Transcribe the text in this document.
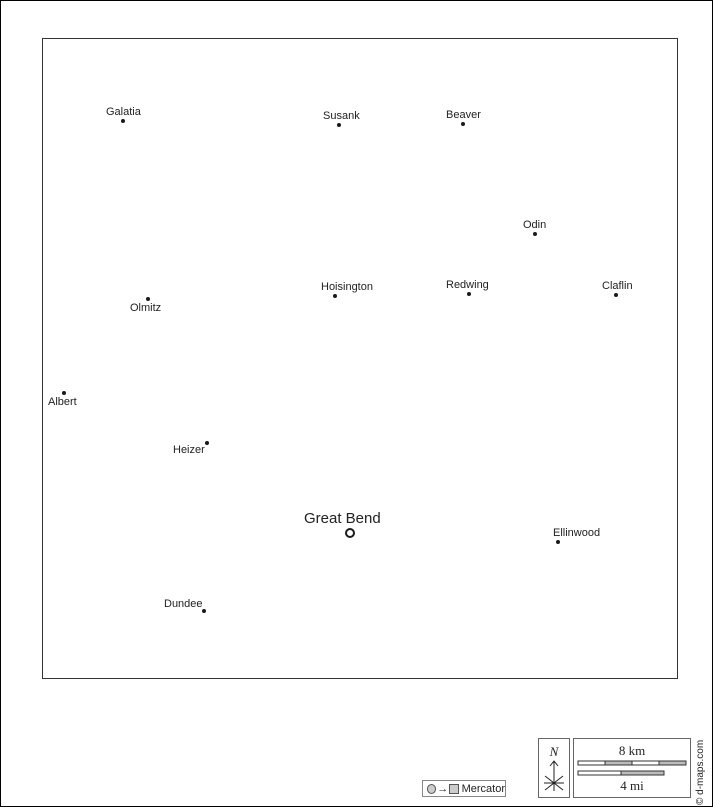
Galatia	Susank	Beaver
Odin
Hoisington	Redwing	Claflin
Olmitz
Albert
Heizer
Great Bend
Ellinwood
Dundee
→ Mercator
N	8 km
4 mi	© d-maps.com
